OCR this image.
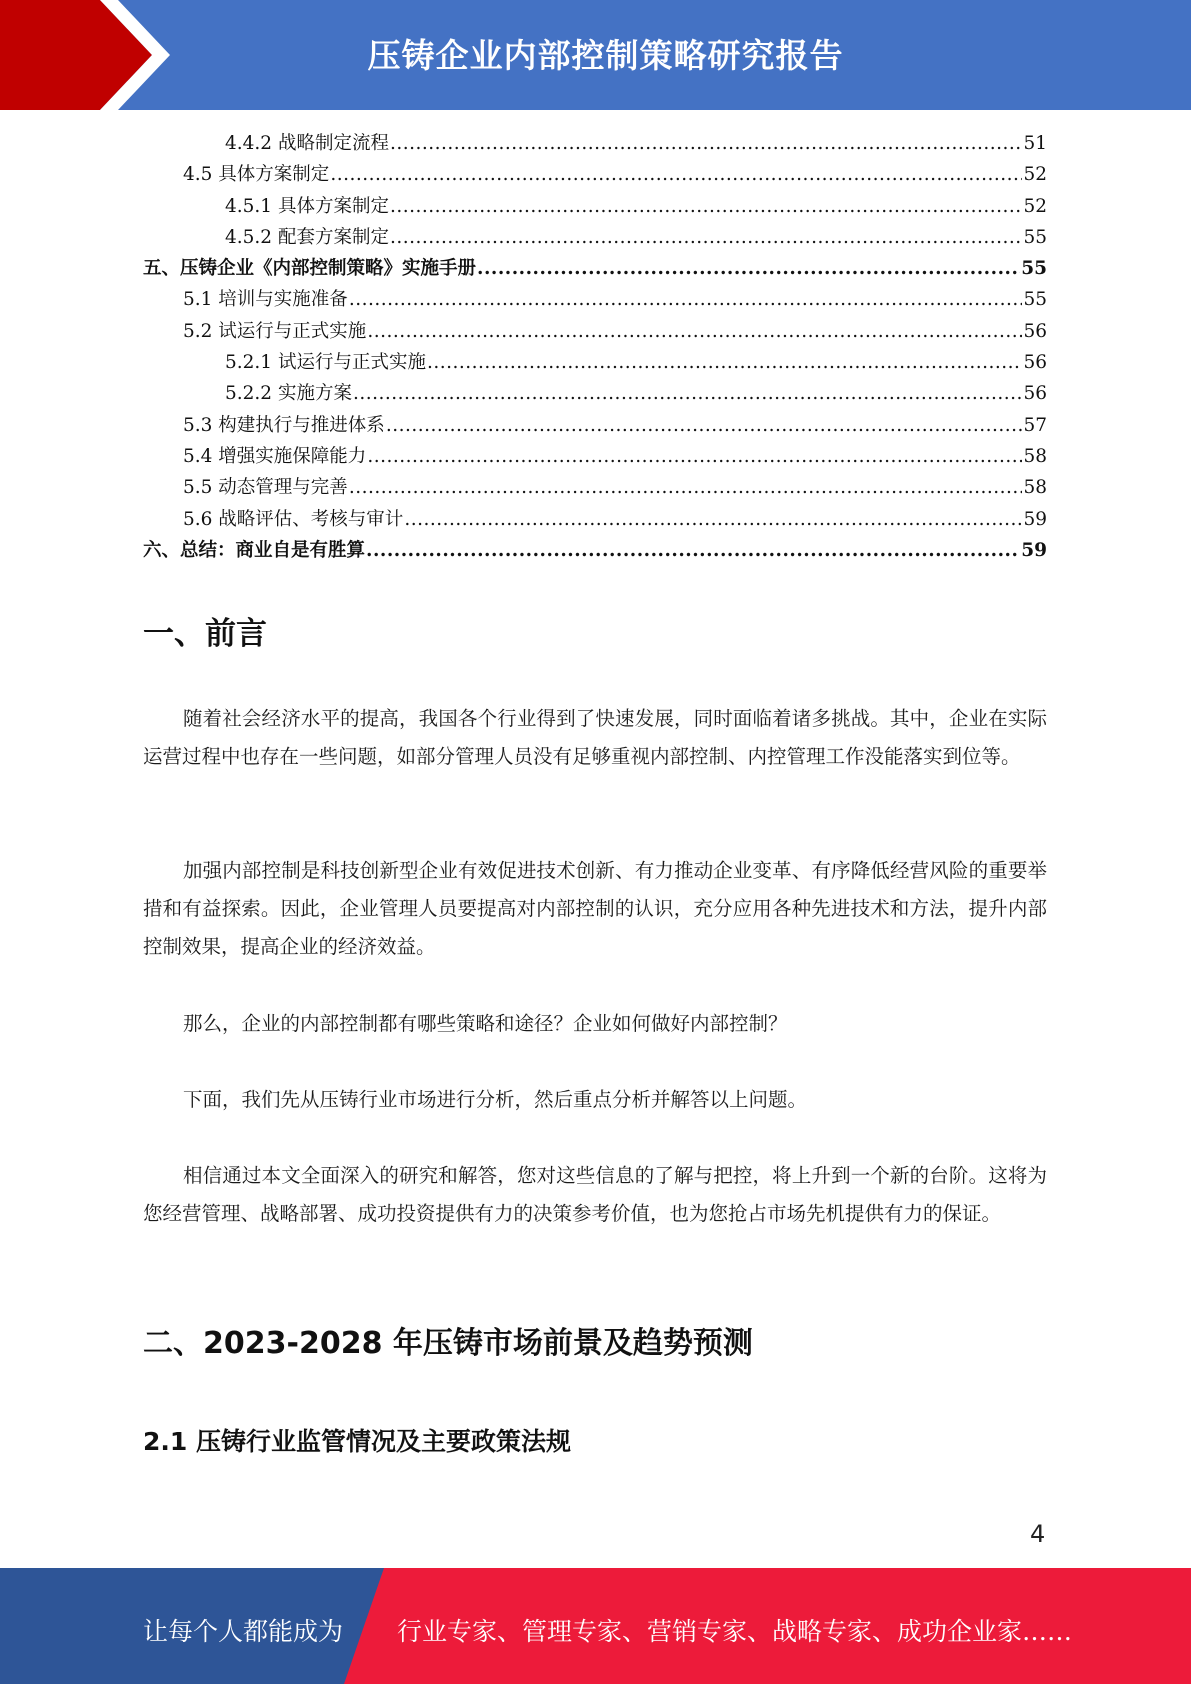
压铸企业内部控制策略研究报告
4.4.2 战略制定流程 .....	51
4.5 具体方案制定 .....	52
4.5.1 具体方案制定 .....	52
4.5.2 配套方案制定 .....	55
五、压铸企业《内部控制策略》实施手册 .....	55
5.1 培训与实施准备 .....	55
5.2 试运行与正式实施 .....	56
5.2.1 试运行与正式实施 .....	56
5.2.2 实施方案 .....	56
5.3 构建执行与推进体系 .....	57
5.4 增强实施保障能力 .....	58
5.5 动态管理与完善 .....	58
5.6 战略评估、考核与审计 .....	59
六、总结：商业自是有胜算 .....	59
一、前言

随着社会经济水平的提高，我国各个行业得到了快速发展，同时面临着诸多挑战。其中，企业在实际运营过程中也存在一些问题，如部分管理人员没有足够重视内部控制、内控管理工作没能落实到位等。

加强内部控制是科技创新型企业有效促进技术创新、有力推动企业变革、有序降低经营风险的重要举措和有益探索。因此，企业管理人员要提高对内部控制的认识，充分应用各种先进技术和方法，提升内部控制效果，提高企业的经济效益。

那么，企业的内部控制都有哪些策略和途径？企业如何做好内部控制？

下面，我们先从压铸行业市场进行分析，然后重点分析并解答以上问题。

相信通过本文全面深入的研究和解答，您对这些信息的了解与把控，将上升到一个新的台阶。这将为您经营管理、战略部署、成功投资提供有力的决策参考价值，也为您抢占市场先机提供有力的保证。

二、2023-2028 年压铸市场前景及趋势预测
2.1 压铸行业监管情况及主要政策法规
4
让每个人都能成为 行业专家、管理专家、营销专家、战略专家、成功企业家……
